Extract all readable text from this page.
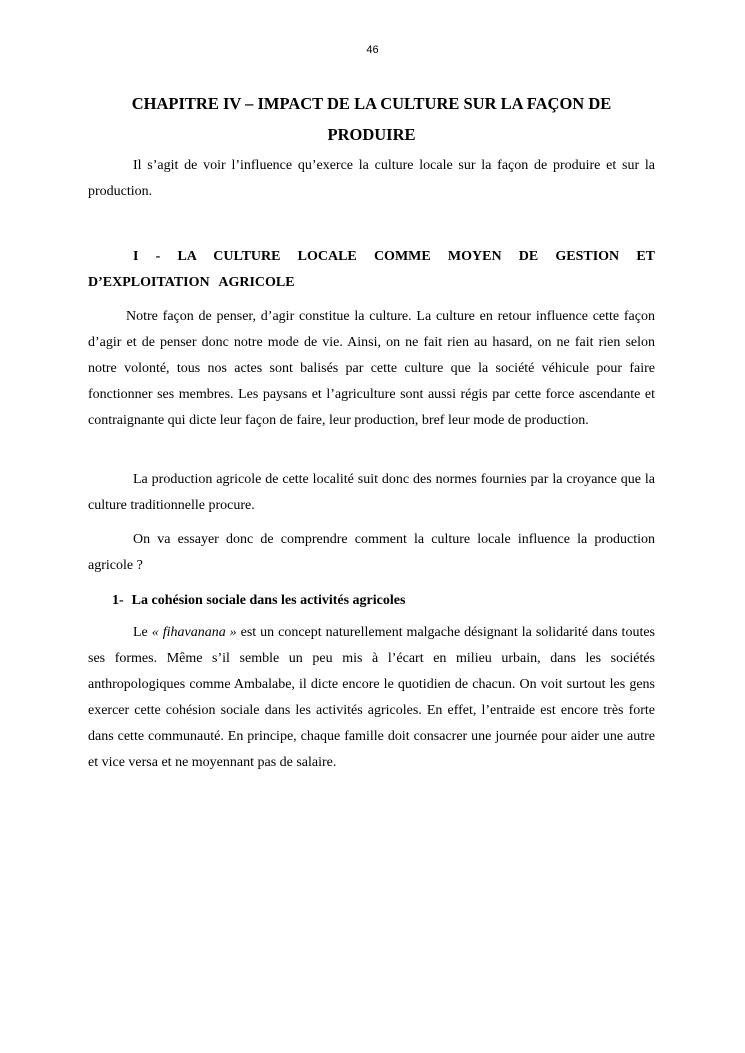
46
CHAPITRE IV – IMPACT DE LA CULTURE SUR LA FAÇON DE PRODUIRE

Il s’agit de voir l’influence qu’exerce la culture locale sur la façon de produire et sur la production.

I - LA CULTURE LOCALE COMME MOYEN DE GESTION ET D’EXPLOITATION AGRICOLE

Notre façon de penser, d’agir constitue la culture. La culture en retour influence cette façon d’agir et de penser donc notre mode de vie. Ainsi, on ne fait rien au hasard, on ne fait rien selon notre volonté, tous nos actes sont balisés par cette culture que la société véhicule pour faire fonctionner ses membres. Les paysans et l’agriculture sont aussi régis par cette force ascendante et contraignante qui dicte leur façon de faire, leur production, bref leur mode de production.

La production agricole de cette localité suit donc des normes fournies par la croyance que la culture traditionnelle procure.

On va essayer donc de comprendre comment la culture locale influence la production agricole ?

1- La cohésion sociale dans les activités agricoles

Le « fihavanana » est un concept naturellement malgache désignant la solidarité dans toutes ses formes. Même s’il semble un peu mis à l’écart en milieu urbain, dans les sociétés anthropologiques comme Ambalabe, il dicte encore le quotidien de chacun. On voit surtout les gens exercer cette cohésion sociale dans les activités agricoles. En effet, l’entraide est encore très forte dans cette communauté. En principe, chaque famille doit consacrer une journée pour aider une autre et vice versa et ne moyennant pas de salaire.
